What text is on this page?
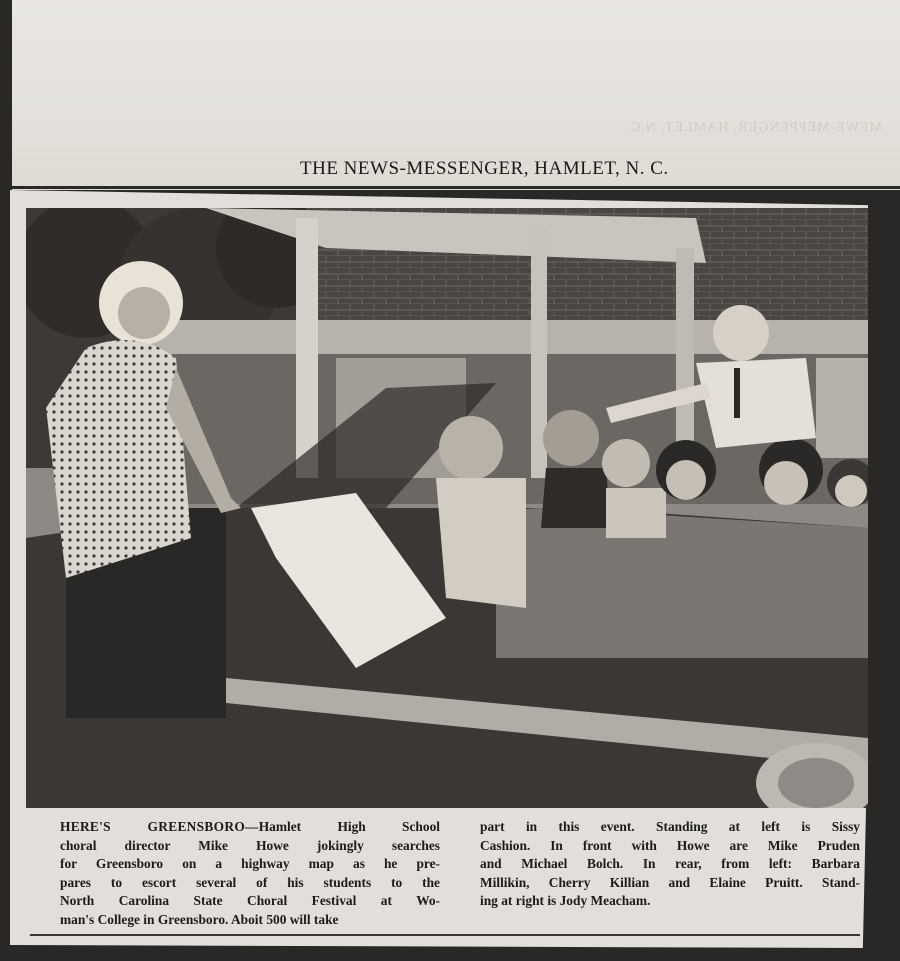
MEWE-MEPPENGER, HAMLET, N.C.
THE NEWS-MESSENGER, HAMLET, N. C.

HERE'S GREENSBORO—Hamlet High School

choral director Mike Howe jokingly searches

for Greensboro on a highway map as he pre-

pares to escort several of his students to the

North Carolina State Choral Festival at Wo-

man's College in Greensboro. Aboit 500 will take

part in this event. Standing at left is Sissy

Cashion. In front with Howe are Mike Pruden

and Michael Bolch. In rear, from left: Barbara

Millikin, Cherry Killian and Elaine Pruitt. Stand-

ing at right is Jody Meacham.
